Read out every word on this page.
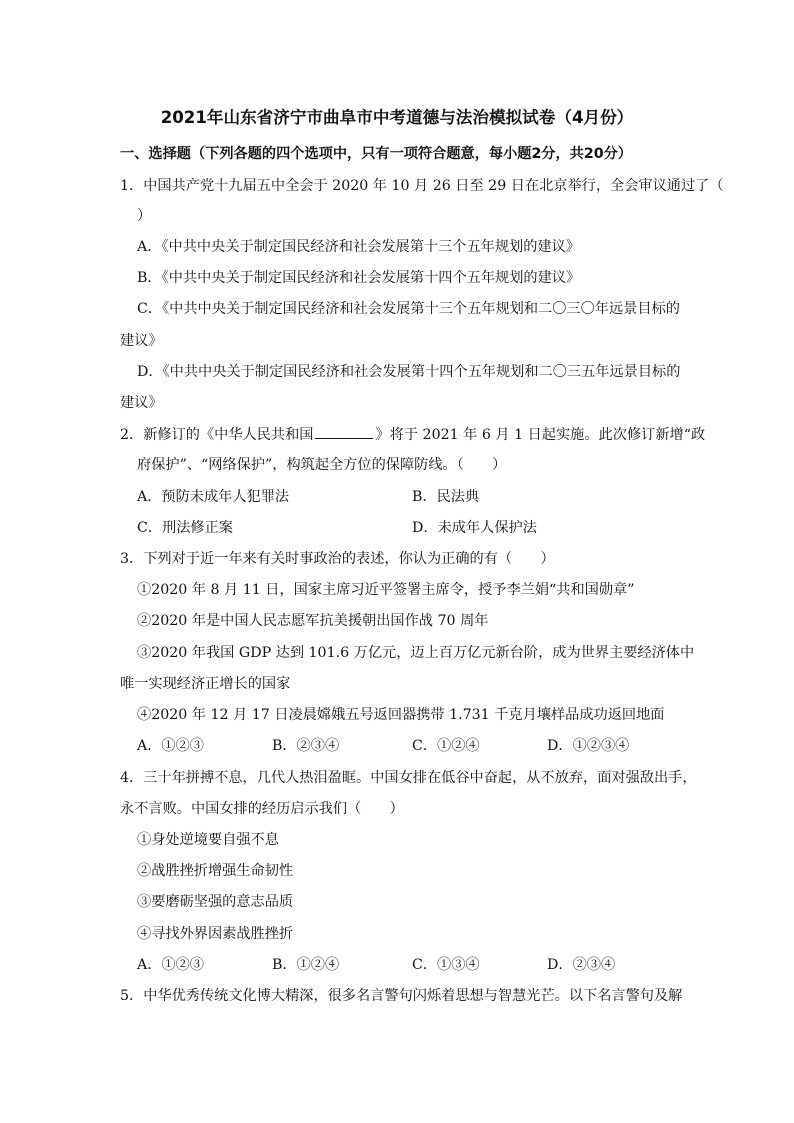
2021年山东省济宁市曲阜市中考道德与法治模拟试卷（4月份）
一、选择题（下列各题的四个选项中，只有一项符合题意，每小题2分，共20分）
1．中国共产党十九届五中全会于 2020 年 10 月 26 日至 29 日在北京举行，全会审议通过了（
）
A．《中共中央关于制定国民经济和社会发展第十三个五年规划的建议》
B．《中共中央关于制定国民经济和社会发展第十四个五年规划的建议》
C．《中共中央关于制定国民经济和社会发展第十三个五年规划和二〇三〇年远景目标的
建议》
D．《中共中央关于制定国民经济和社会发展第十四个五年规划和二〇三五年远景目标的
建议》
2．新修订的《中华人民共和国	》将于 2021 年 6 月 1 日起实施。此次修订新增“政
府保护”、“网络保护”，构筑起全方位的保障防线。（　　）
A．预防未成年人犯罪法	B．民法典
C．刑法修正案	D．未成年人保护法
3．下列对于近一年来有关时事政治的表述，你认为正确的有（　　）
①2020 年 8 月 11 日，国家主席习近平签署主席令，授予李兰娟“共和国勋章”
②2020 年是中国人民志愿军抗美援朝出国作战 70 周年
③2020 年我国 GDP 达到 101.6 万亿元，迈上百万亿元新台阶，成为世界主要经济体中
唯一实现经济正增长的国家
④2020 年 12 月 17 日凌晨嫦娥五号返回器携带 1.731 千克月壤样品成功返回地面
A．①②③	B．②③④	C．①②④	D．①②③④
4．三十年拼搏不息，几代人热泪盈眶。中国女排在低谷中奋起，从不放弃，面对强敌出手，
永不言败。中国女排的经历启示我们（　　）
①身处逆境要自强不息
②战胜挫折增强生命韧性
③要磨砺坚强的意志品质
④寻找外界因素战胜挫折
A．①②③	B．①②④	C．①③④	D．②③④
5．中华优秀传统文化博大精深，很多名言警句闪烁着思想与智慧光芒。以下名言警句及解
